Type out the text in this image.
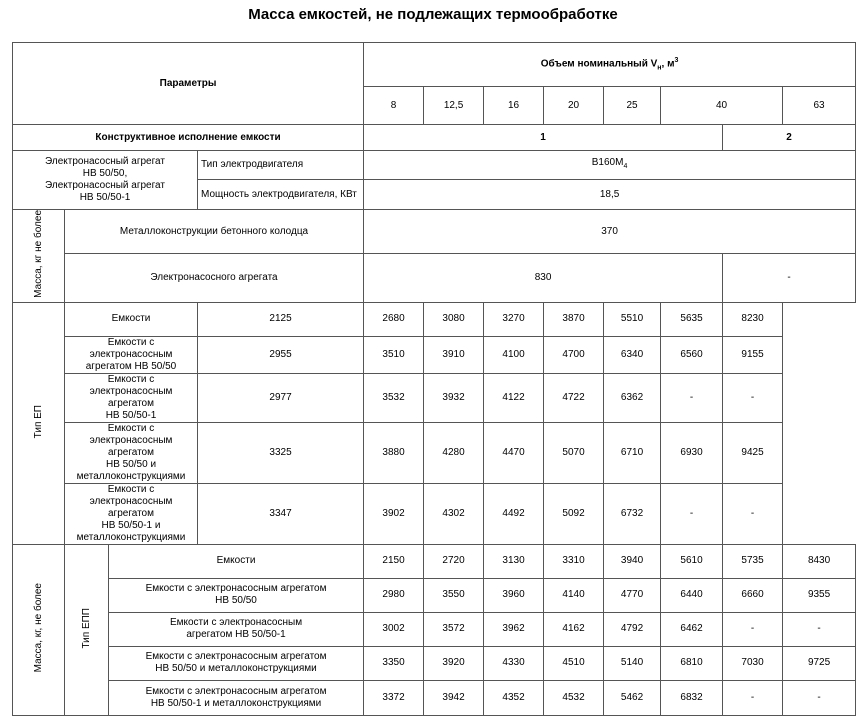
Масса емкостей, не подлежащих термообработке
Параметры				Объем номинальный $V_н$, $м^3$
				8	12,5	16	20	25	40		63
Конструктивное исполнение емкости				1						2	

Электронасосный агрегат
НВ 50/50,
Электронасосный агрегат
НВ 50/50-1			Тип электродвигателя	$В160М_4$
			Мощность электродвигателя, КВт	18,5							
Масса, кг не более	Металлоконструкции бетонного колодца			370							
	Электронасосного агрегата			830						-	
Тип ЕП	Емкости		2125	2680	3080	3270	3870	5510	5635	8230	

	Емкости с электронасосным
агрегатом НВ 50/50		2955	3510	3910	4100	4700	6340	6560	9155	

	Емкости с электронасосным агрегатом
НВ 50/50-1		2977	3532	3932	4122	4722	6362	-	-	

	Емкости с электронасосным агрегатом
НВ 50/50 и металлоконструкциями		3325	3880	4280	4470	5070	6710	6930	9425	

	Емкости с электронасосным агрегатом
НВ 50/50-1 и металлоконструкциями		3347	3902	4302	4492	5092	6732	-	-	
Масса, кг, не более	Тип ЕПП	Емкости		2150	2720	3130	3310	3940	5610	5735	8430

		Емкости с электронасосным агрегатом
НВ 50/50		2980	3550	3960	4140	4770	6440	6660	9355

		Емкости с электронасосным
агрегатом НВ 50/50-1		3002	3572	3962	4162	4792	6462	-	-

		Емкости с электронасосным агрегатом
НВ 50/50 и металлоконструкциями		3350	3920	4330	4510	5140	6810	7030	9725

		Емкости с электронасосным агрегатом
НВ 50/50-1 и металлоконструкциями		3372	3942	4352	4532	5462	6832	-	-
